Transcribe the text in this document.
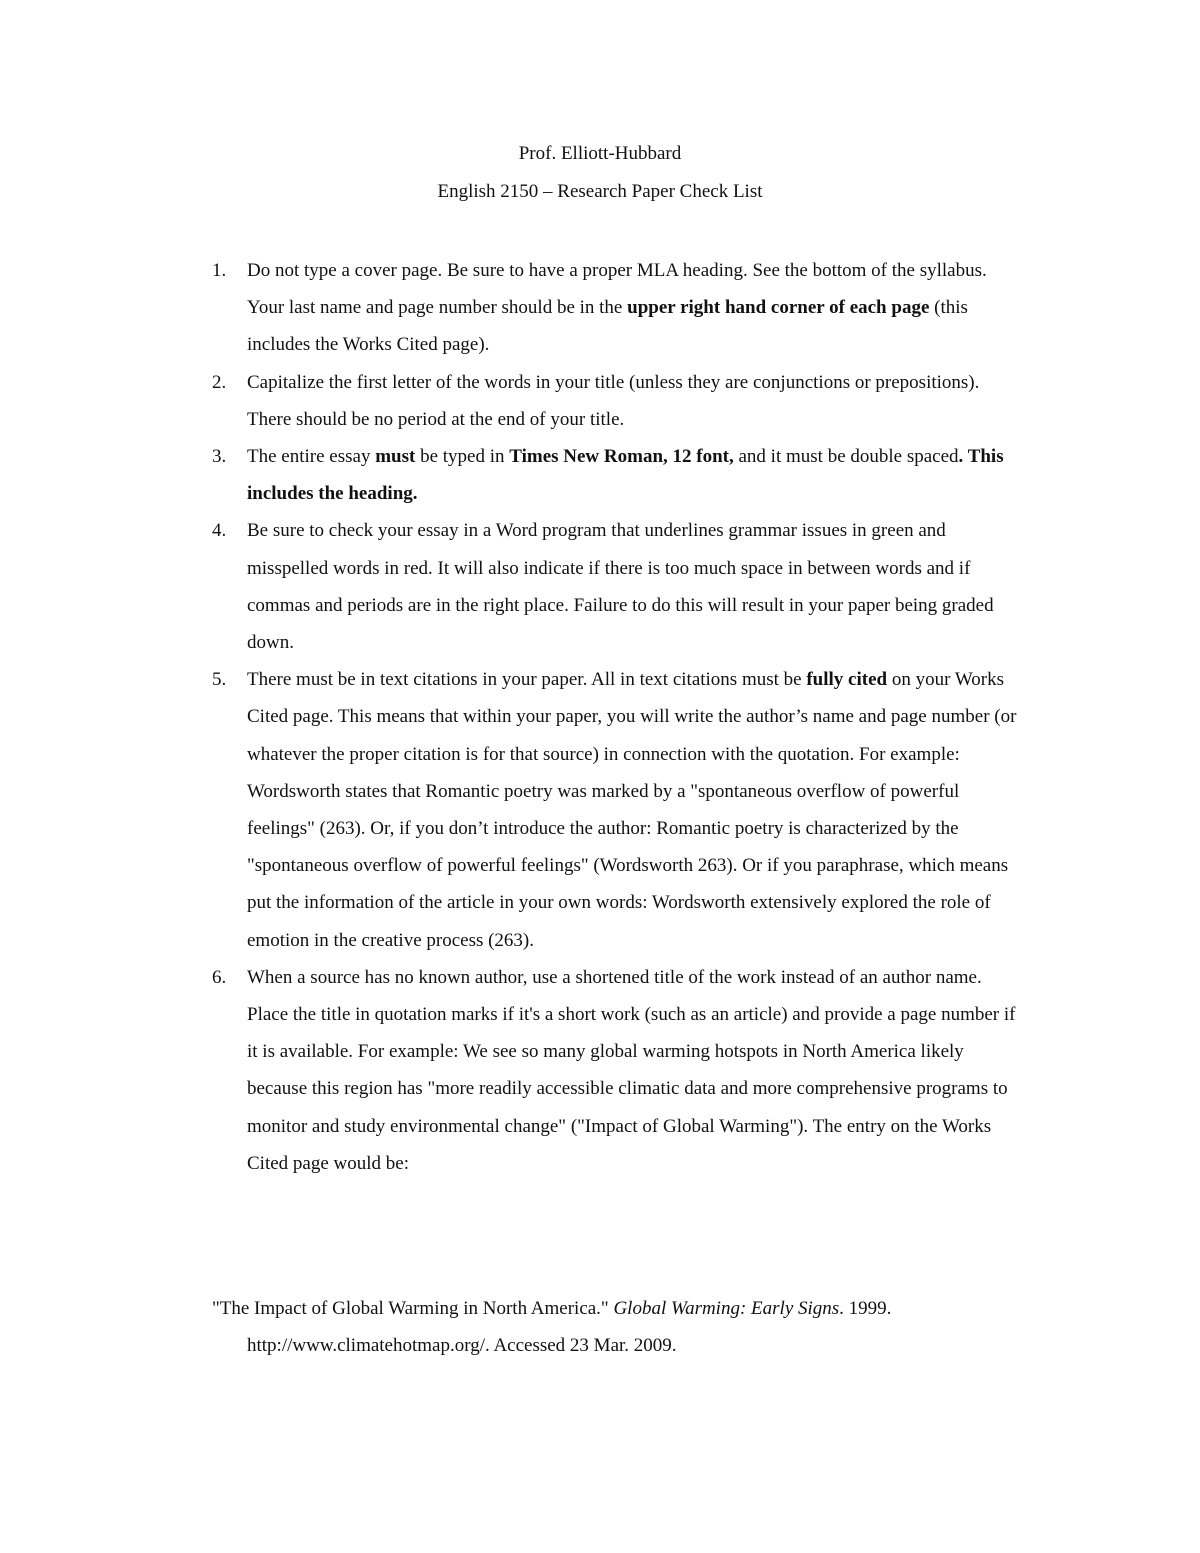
Prof. Elliott-Hubbard
English 2150 – Research Paper Check List
1.	Do not type a cover page. Be sure to have a proper MLA heading. See the bottom of the syllabus. Your last name and page number should be in the upper right hand corner of each page (this includes the Works Cited page).
2.	Capitalize the first letter of the words in your title (unless they are conjunctions or prepositions). There should be no period at the end of your title.
3.	The entire essay must be typed in Times New Roman, 12 font, and it must be double spaced. This includes the heading.
4.	Be sure to check your essay in a Word program that underlines grammar issues in green and misspelled words in red. It will also indicate if there is too much space in between words and if commas and periods are in the right place. Failure to do this will result in your paper being graded down.
5.	There must be in text citations in your paper. All in text citations must be fully cited on your Works Cited page. This means that within your paper, you will write the author’s name and page number (or whatever the proper citation is for that source) in connection with the quotation. For example: Wordsworth states that Romantic poetry was marked by a "spontaneous overflow of powerful feelings" (263). Or, if you don’t introduce the author: Romantic poetry is characterized by the "spontaneous overflow of powerful feelings" (Wordsworth 263). Or if you paraphrase, which means put the information of the article in your own words: Wordsworth extensively explored the role of emotion in the creative process (263).
6.	When a source has no known author, use a shortened title of the work instead of an author name. Place the title in quotation marks if it's a short work (such as an article) and provide a page number if it is available. For example: We see so many global warming hotspots in North America likely because this region has "more readily accessible climatic data and more comprehensive programs to monitor and study environmental change" ("Impact of Global Warming"). The entry on the Works Cited page would be:
"The Impact of Global Warming in North America." Global Warming: Early Signs. 1999. http://www.climatehotmap.org/. Accessed 23 Mar. 2009.
